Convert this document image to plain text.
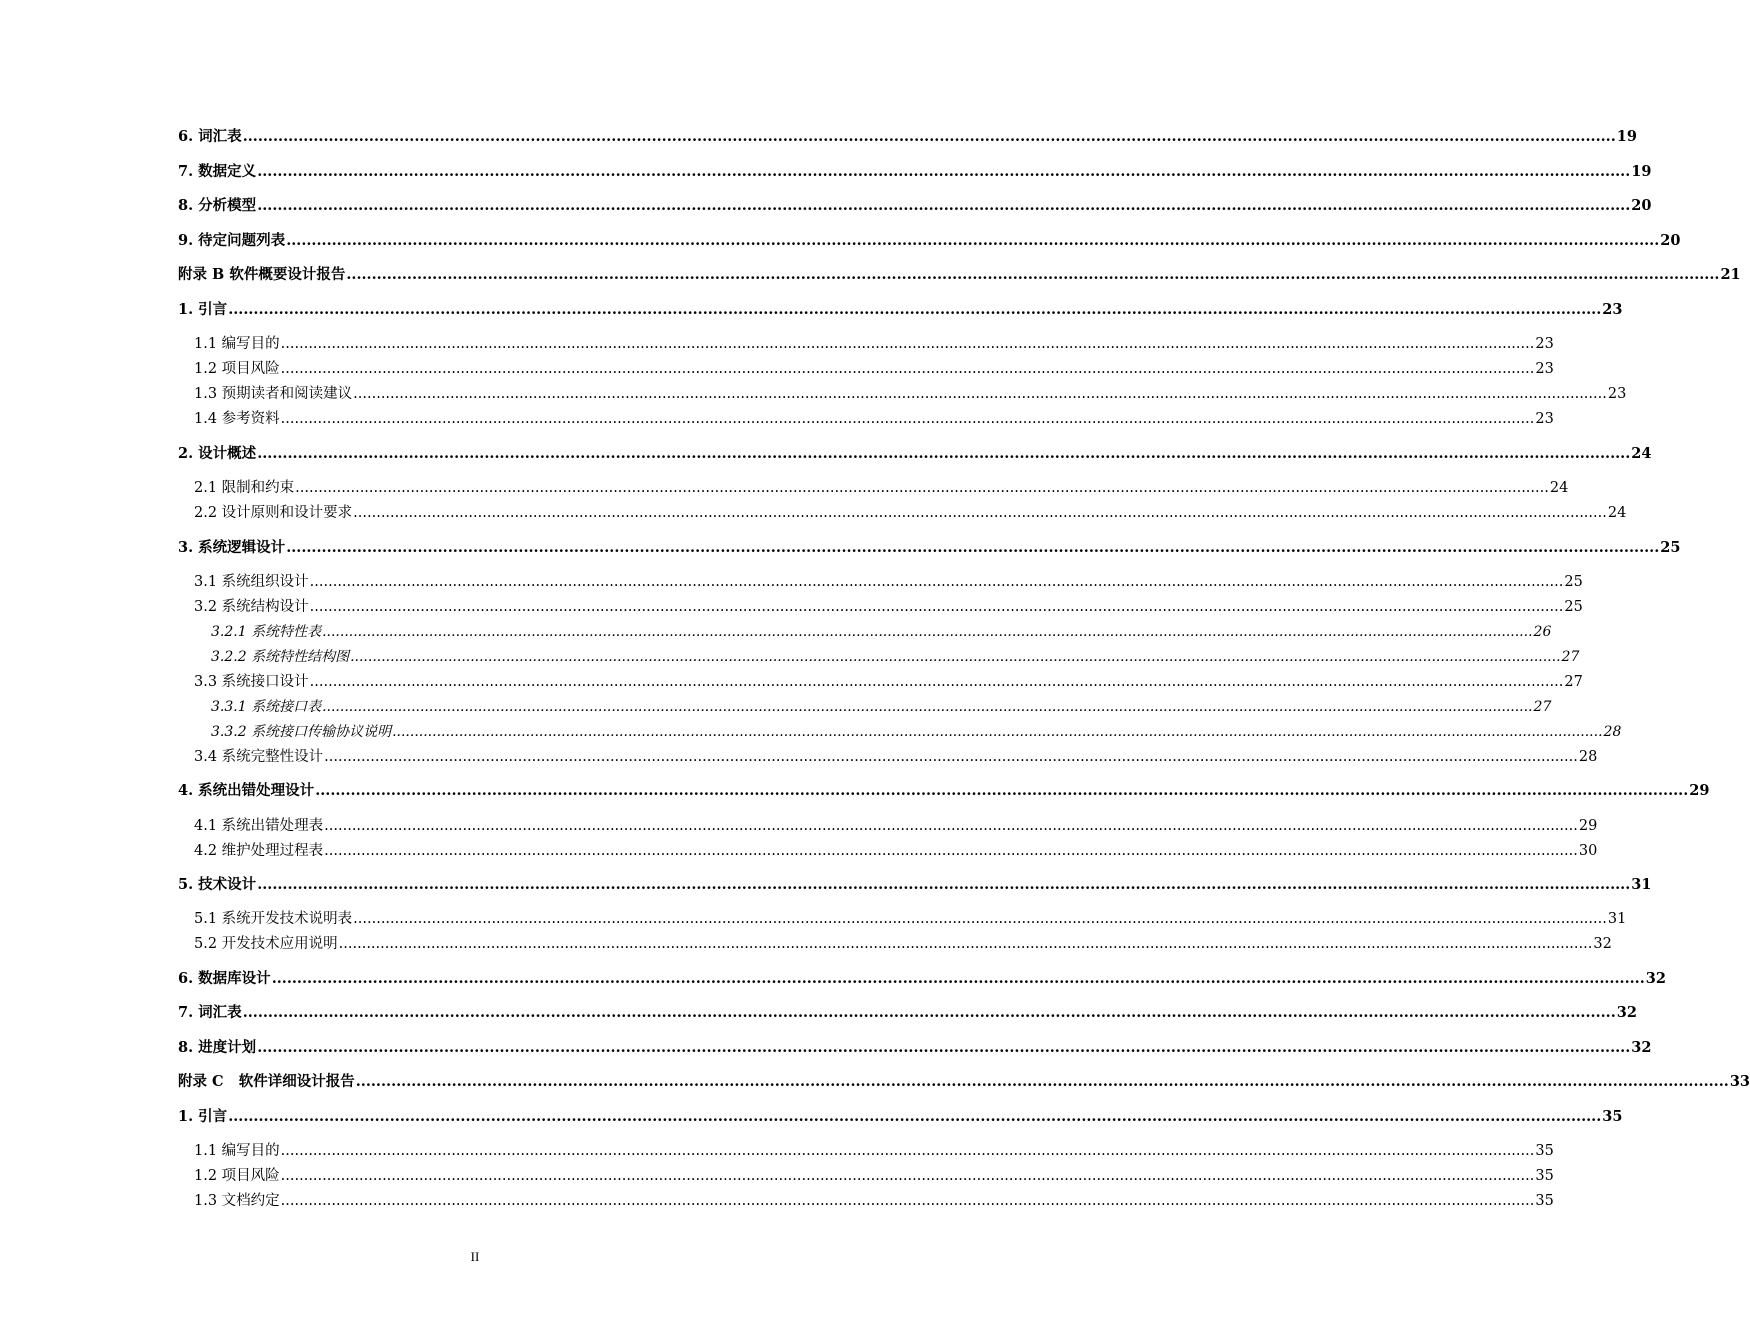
6. 词汇表 .....	19
7. 数据定义 .....	19
8. 分析模型 .....	20
9. 待定问题列表 .....	20
附录 B 软件概要设计报告 .....	21
1. 引言 .....	23
1.1 编写目的 .....	23
1.2 项目风险 .....	23
1.3 预期读者和阅读建议 .....	23
1.4 参考资料 .....	23
2. 设计概述 .....	24
2.1 限制和约束 .....	24
2.2 设计原则和设计要求 .....	24
3. 系统逻辑设计 .....	25
3.1 系统组织设计 .....	25
3.2 系统结构设计 .....	25
3.2.1 系统特性表 .....	26
3.2.2 系统特性结构图 .....	27
3.3 系统接口设计 .....	27
3.3.1 系统接口表 .....	27
3.3.2 系统接口传输协议说明 .....	28
3.4 系统完整性设计 .....	28
4. 系统出错处理设计 .....	29
4.1 系统出错处理表 .....	29
4.2 维护处理过程表 .....	30
5. 技术设计 .....	31
5.1 系统开发技术说明表 .....	31
5.2 开发技术应用说明 .....	32
6. 数据库设计 .....	32
7. 词汇表 .....	32
8. 进度计划 .....	32
附录 C   软件详细设计报告 .....	33
1. 引言 .....	35
1.1 编写目的 .....	35
1.2 项目风险 .....	35
1.3 文档约定 .....	35
II
